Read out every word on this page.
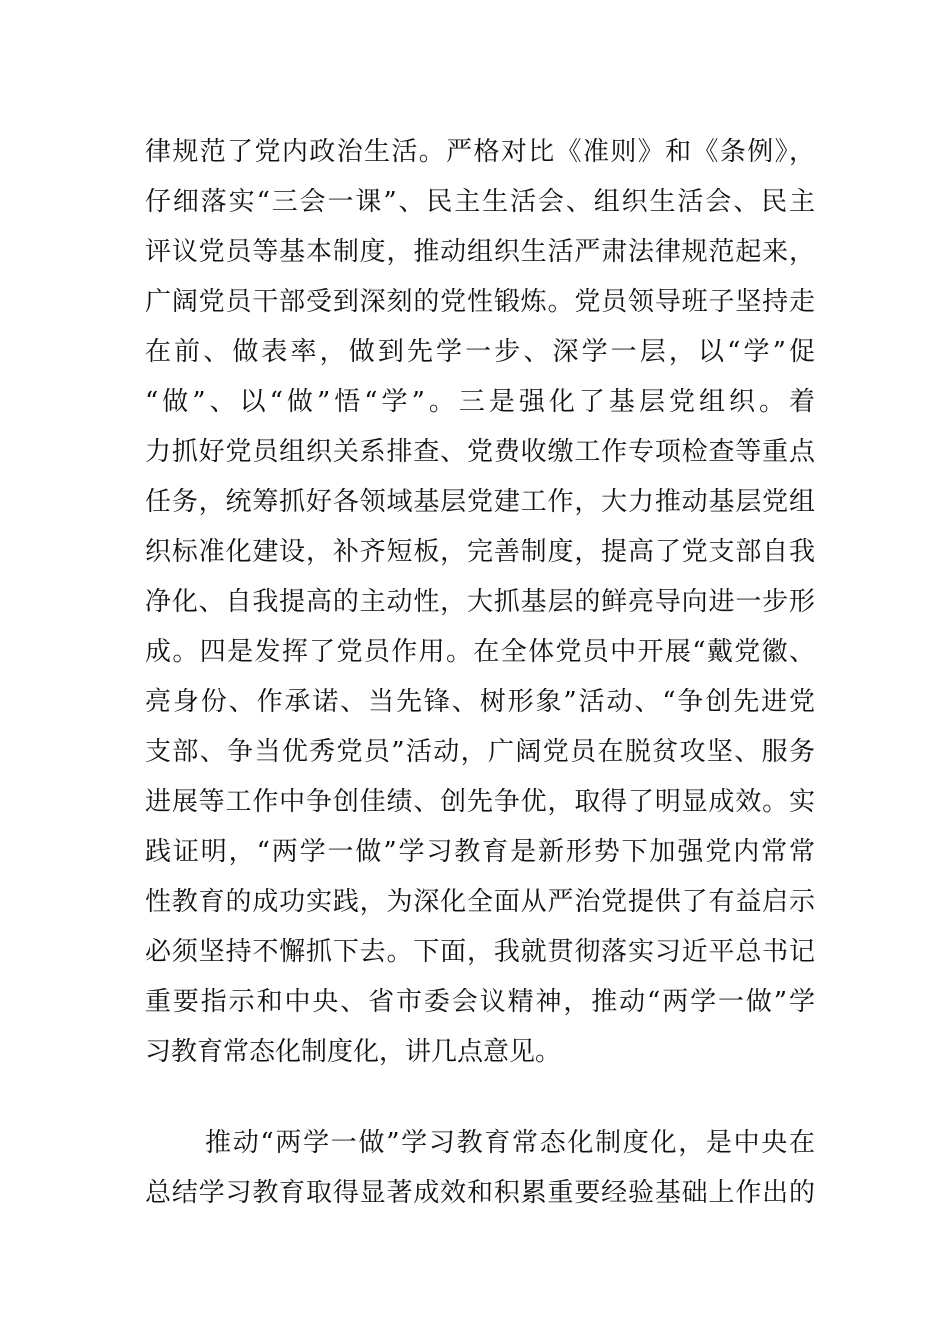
律规范了党内政治生活。严格对比《准则》和《条例》，
仔细落实“三会一课”、民主生活会、组织生活会、民主
评议党员等基本制度，推动组织生活严肃法律规范起来，
广阔党员干部受到深刻的党性锻炼。党员领导班子坚持走
在前、做表率，做到先学一步、深学一层，以“学”促
“做”、以“做”悟“学”。三是强化了基层党组织。着
力抓好党员组织关系排查、党费收缴工作专项检查等重点
任务，统筹抓好各领域基层党建工作，大力推动基层党组
织标准化建设，补齐短板，完善制度，提高了党支部自我
净化、自我提高的主动性，大抓基层的鲜亮导向进一步形
成。四是发挥了党员作用。在全体党员中开展“戴党徽、
亮身份、作承诺、当先锋、树形象”活动、“争创先进党
支部、争当优秀党员”活动，广阔党员在脱贫攻坚、服务
进展等工作中争创佳绩、创先争优，取得了明显成效。实
践证明，“两学一做”学习教育是新形势下加强党内常常
性教育的成功实践，为深化全面从严治党提供了有益启示
必须坚持不懈抓下去。下面，我就贯彻落实习近平总书记
重要指示和中央、省市委会议精神，推动“两学一做”学
习教育常态化制度化，讲几点意见。
推动“两学一做”学习教育常态化制度化，是中央在
总结学习教育取得显著成效和积累重要经验基础上作出的
